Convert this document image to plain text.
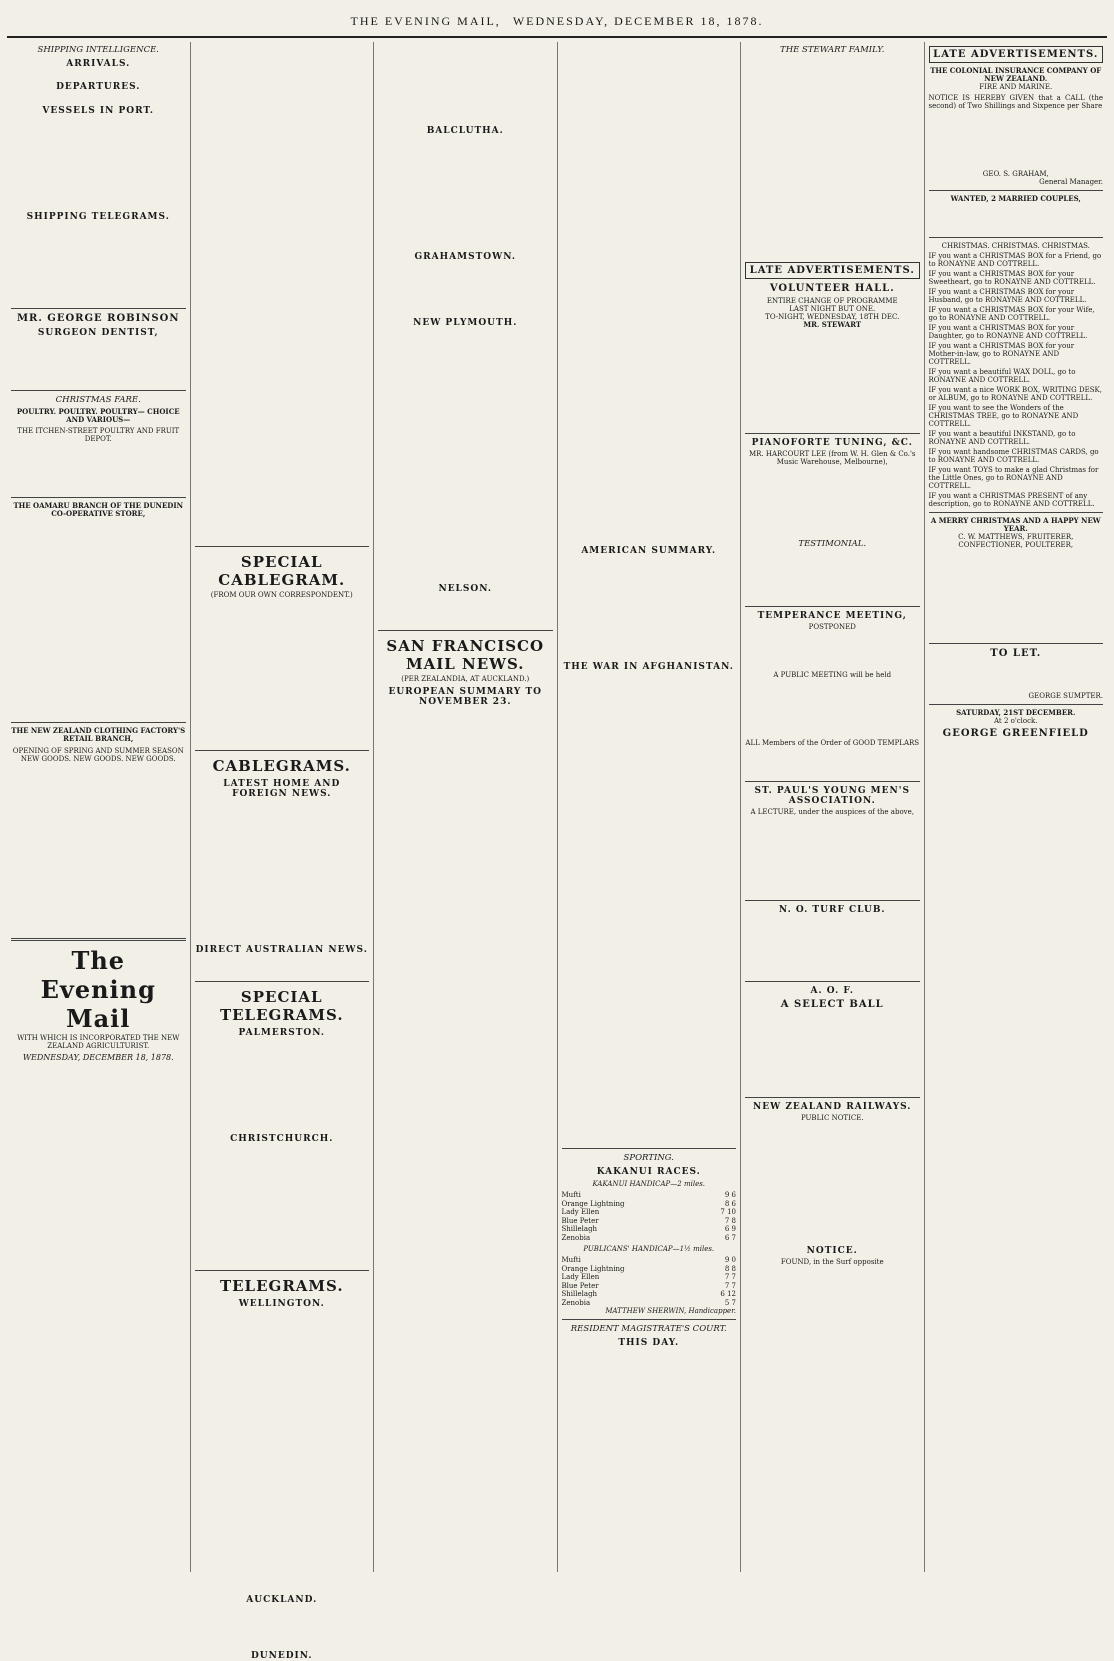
THE EVENING MAIL, WEDNESDAY, DECEMBER 18, 1878.
SHIPPING INTELLIGENCE.
ARRIVALS.

DEPARTURES.

VESSELS IN PORT.
SHIPPING TELEGRAMS.
MR. GEORGE ROBINSON
SURGEON DENTIST,
CHRISTMAS FARE.
POULTRY. POULTRY. POULTRY— CHOICE AND VARIOUS—
THE ITCHEN-STREET POULTRY AND FRUIT DEPOT.
THE OAMARU BRANCH OF THE DUNEDIN CO-OPERATIVE STORE,
THE NEW ZEALAND CLOTHING FACTORY'S RETAIL BRANCH,
OPENING OF SPRING AND SUMMER SEASON NEW GOODS. NEW GOODS. NEW GOODS.
The Evening Mail
WITH WHICH IS INCORPORATED THE NEW ZEALAND AGRICULTURIST.
WEDNESDAY, DECEMBER 18, 1878.
SPECIAL CABLEGRAM.
(FROM OUR OWN CORRESPONDENT.)
CABLEGRAMS.
LATEST HOME AND FOREIGN NEWS.
DIRECT AUSTRALIAN NEWS.
SPECIAL TELEGRAMS.
PALMERSTON.
CHRISTCHURCH.
TELEGRAMS.
WELLINGTON.
AUCKLAND.
DUNEDIN.
BALCLUTHA.
GRAHAMSTOWN.
NEW PLYMOUTH.
NELSON.
SAN FRANCISCO MAIL NEWS.
(PER ZEALANDIA, AT AUCKLAND.)
EUROPEAN SUMMARY TO NOVEMBER 23.
AMERICAN SUMMARY.
THE WAR IN AFGHANISTAN.
SPORTING.
KAKANUI RACES.
KAKANUI HANDICAP—2 miles.
Mufti	9 6
Orange Lightning	8 6
Lady Ellen	7 10
Blue Peter	7 8
Shillelagh	6 9
Zenobia	6 7
PUBLICANS' HANDICAP—1½ miles.
Mufti	9 0
Orange Lightning	8 8
Lady Ellen	7 7
Blue Peter	7 7
Shillelagh	6 12
Zenobia	5 7
MATTHEW SHERWIN, Handicapper.
RESIDENT MAGISTRATE'S COURT.
THIS DAY.
THE STEWART FAMILY.
LATE ADVERTISEMENTS.
VOLUNTEER HALL.
ENTIRE CHANGE OF PROGRAMME
LAST NIGHT BUT ONE.
TO-NIGHT, WEDNESDAY, 18TH DEC.
MR. STEWART
PIANOFORTE TUNING, &C.
MR. HARCOURT LEE (from W. H. Glen & Co.'s Music Warehouse, Melbourne),
TESTIMONIAL.
TEMPERANCE MEETING,
POSTPONED
A PUBLIC MEETING will be held
ALL Members of the Order of GOOD TEMPLARS
ST. PAUL'S YOUNG MEN'S ASSOCIATION.
A LECTURE, under the auspices of the above,
N. O. TURF CLUB.
A. O. F.
A SELECT BALL
NEW ZEALAND RAILWAYS.
PUBLIC NOTICE.
NOTICE.
FOUND, in the Surf opposite
LATE ADVERTISEMENTS.
THE COLONIAL INSURANCE COMPANY OF NEW ZEALAND.
FIRE AND MARINE.
NOTICE IS HEREBY GIVEN that a CALL (the second) of Two Shillings and Sixpence per Share
GEO. S. GRAHAM,
General Manager.
WANTED, 2 MARRIED COUPLES,
CHRISTMAS. CHRISTMAS. CHRISTMAS.
IF you want a CHRISTMAS BOX for a Friend, go to RONAYNE AND COTTRELL.
IF you want a CHRISTMAS BOX for your Sweetheart, go to RONAYNE AND COTTRELL.
IF you want a CHRISTMAS BOX for your Husband, go to RONAYNE AND COTTRELL.
IF you want a CHRISTMAS BOX for your Wife, go to RONAYNE AND COTTRELL.
IF you want a CHRISTMAS BOX for your Daughter, go to RONAYNE AND COTTRELL.
IF you want a CHRISTMAS BOX for your Mother-in-law, go to RONAYNE AND COTTRELL.
IF you want a beautiful WAX DOLL, go to RONAYNE AND COTTRELL.
IF you want a nice WORK BOX, WRITING DESK, or ALBUM, go to RONAYNE AND COTTRELL.
IF you want to see the Wonders of the CHRISTMAS TREE, go to RONAYNE AND COTTRELL.
IF you want a beautiful INKSTAND, go to RONAYNE AND COTTRELL.
IF you want handsome CHRISTMAS CARDS, go to RONAYNE AND COTTRELL.
IF you want TOYS to make a glad Christmas for the Little Ones, go to RONAYNE AND COTTRELL.
IF you want a CHRISTMAS PRESENT of any description, go to RONAYNE AND COTTRELL.
A MERRY CHRISTMAS AND A HAPPY NEW YEAR.
C. W. MATTHEWS, FRUITERER, CONFECTIONER, POULTERER,
TO LET.
GEORGE SUMPTER.
SATURDAY, 21ST DECEMBER.
At 2 o'clock.
GEORGE GREENFIELD
